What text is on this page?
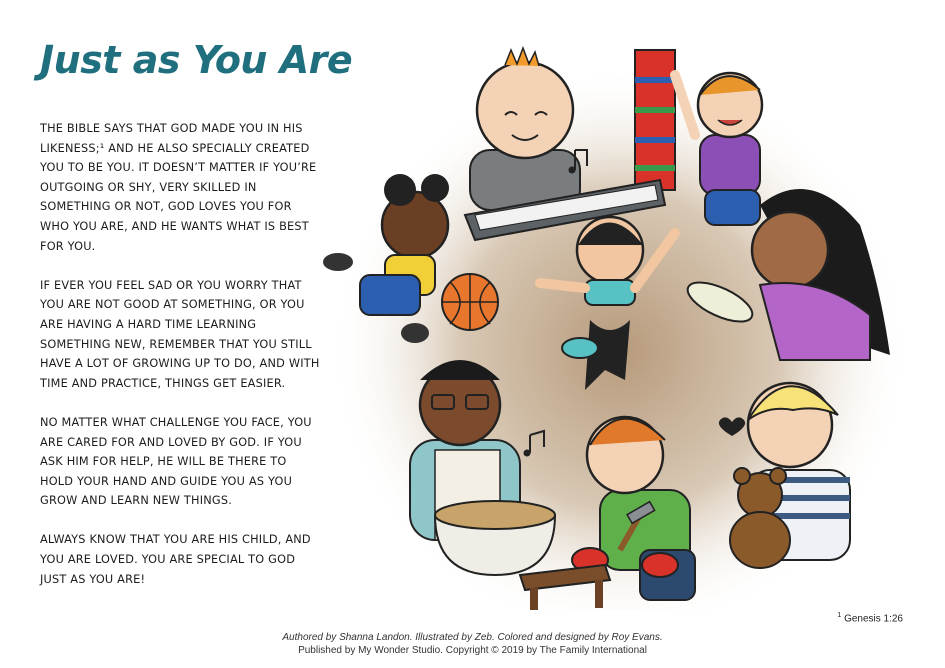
Just as You Are

THE BIBLE SAYS THAT GOD MADE YOU IN HIS LIKENESS;¹ AND HE ALSO SPECIALLY CREATED YOU TO BE YOU. IT DOESN’T MATTER IF YOU’RE OUTGOING OR SHY, VERY SKILLED IN SOMETHING OR NOT, GOD LOVES YOU FOR WHO YOU ARE, AND HE WANTS WHAT IS BEST FOR YOU.

IF EVER YOU FEEL SAD OR YOU WORRY THAT YOU ARE NOT GOOD AT SOMETHING, OR YOU ARE HAVING A HARD TIME LEARNING SOMETHING NEW, REMEMBER THAT YOU STILL HAVE A LOT OF GROWING UP TO DO, AND WITH TIME AND PRACTICE, THINGS GET EASIER.

NO MATTER WHAT CHALLENGE YOU FACE, YOU ARE CARED FOR AND LOVED BY GOD. IF YOU ASK HIM FOR HELP, HE WILL BE THERE TO HOLD YOUR HAND AND GUIDE YOU AS YOU GROW AND LEARN NEW THINGS.

ALWAYS KNOW THAT YOU ARE HIS CHILD, AND YOU ARE LOVED. YOU ARE SPECIAL TO GOD JUST AS YOU ARE!

$^1$ Genesis 1:26
Authored by Shanna Landon. Illustrated by Zeb. Colored and designed by Roy Evans.
Published by My Wonder Studio. Copyright © 2019 by The Family International
